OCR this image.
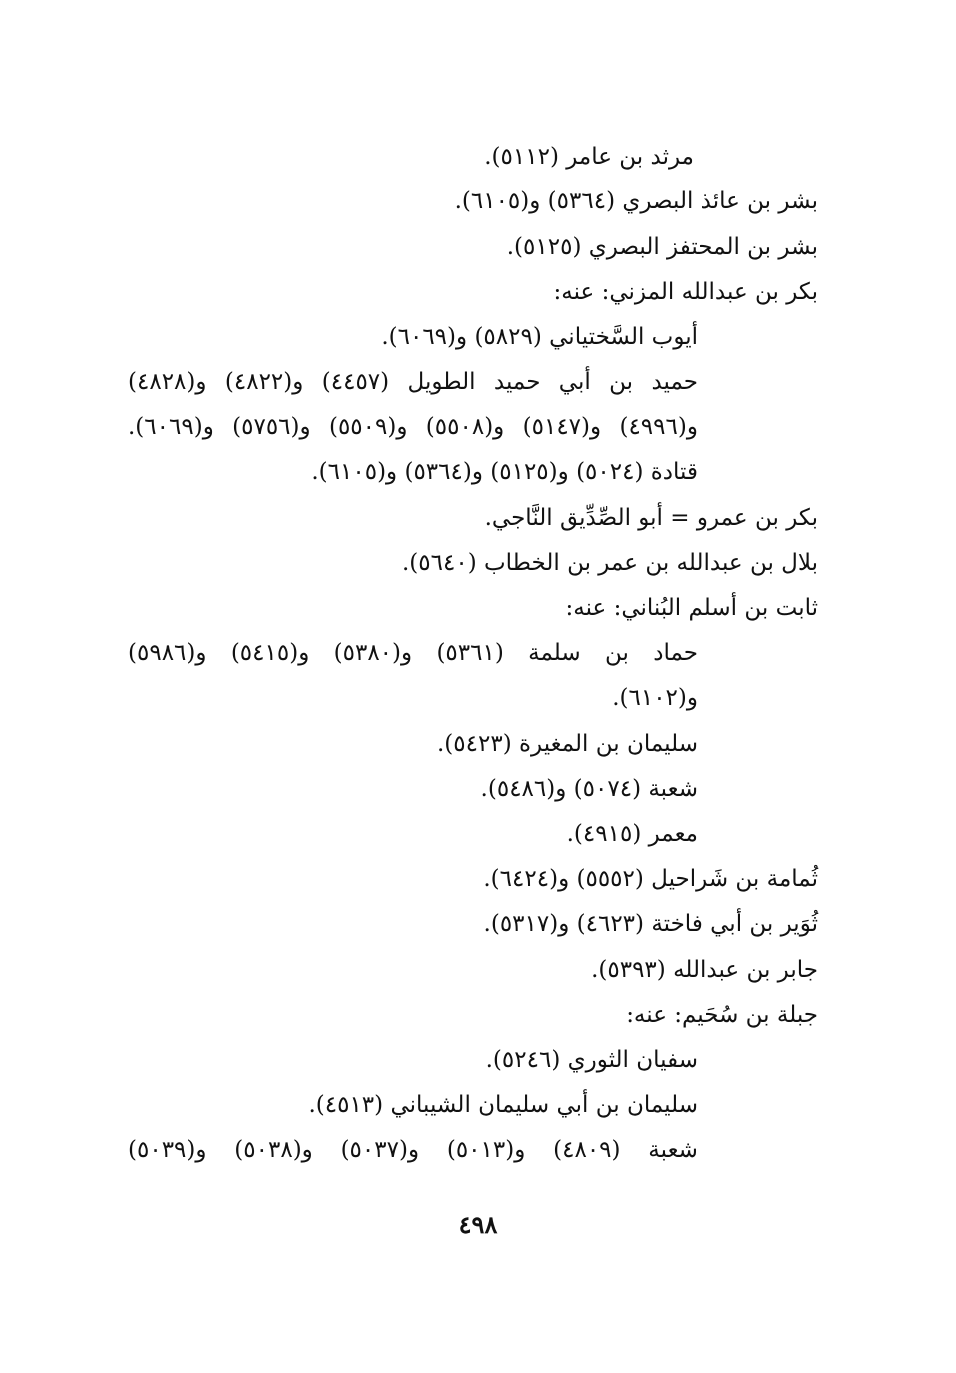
مرثد بن عامر (٥١١٢).
بشر بن عائذ البصري (٥٣٦٤) و(٦١٠٥).
بشر بن المحتفز البصري (٥١٢٥).
بكر بن عبدالله المزني: عنه:
أيوب السَّختياني (٥٨٢٩) و(٦٠٦٩).
حميد بن أبي حميد الطويل (٤٤٥٧) و(٤٨٢٢) و(٤٨٢٨)
و(٤٩٩٦) و(٥١٤٧) و(٥٥٠٨) و(٥٥٠٩) و(٥٧٥٦) و(٦٠٦٩).
قتادة (٥٠٢٤) و(٥١٢٥) و(٥٣٦٤) و(٦١٠٥).
بكر بن عمرو = أبو الصِّدِّيق النَّاجي.
بلال بن عبدالله بن عمر بن الخطاب (٥٦٤٠).
ثابت بن أسلم البُناني: عنه:
حماد بن سلمة (٥٣٦١) و(٥٣٨٠) و(٥٤١٥) و(٥٩٨٦)
و(٦١٠٢).
سليمان بن المغيرة (٥٤٢٣).
شعبة (٥٠٧٤) و(٥٤٨٦).
معمر (٤٩١٥).
ثُمامة بن شَراحيل (٥٥٥٢) و(٦٤٢٤).
ثُوَير بن أبي فاختة (٤٦٢٣) و(٥٣١٧).
جابر بن عبدالله (٥٣٩٣).
جبلة بن سُحَيم: عنه:
سفيان الثوري (٥٢٤٦).
سليمان بن أبي سليمان الشيباني (٤٥١٣).
شعبة (٤٨٠٩) و(٥٠١٣) و(٥٠٣٧) و(٥٠٣٨) و(٥٠٣٩)
٤٩٨
